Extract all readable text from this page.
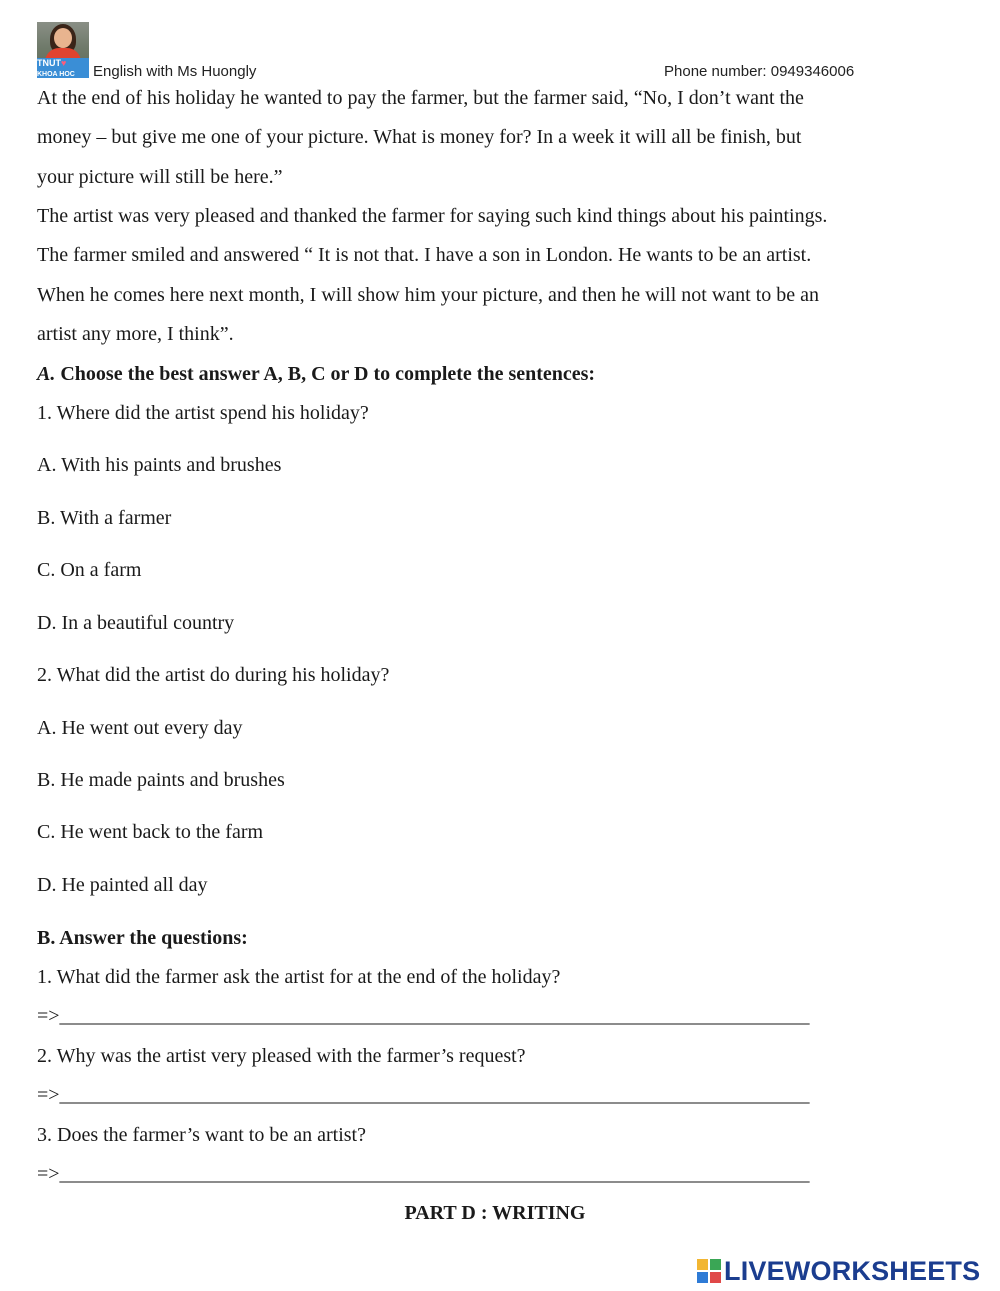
TNUT♥
KHOA HOC	English with Ms Huongly	Phone number: 0949346006
At the end of his holiday he wanted to pay the farmer, but the farmer said, “No, I don’t want the
money – but give me one of your picture. What is money for? In a week it will all be finish, but
your picture will still be here.”
The artist was very pleased and thanked the farmer for saying such kind things about his paintings.
The farmer smiled and answered “ It is not that. I have a son in London. He wants to be an artist.
When he comes here next month, I will show him your picture, and then he will not want to be an
artist any more, I think”.
A. Choose the best answer A, B, C or D to complete the sentences:
1. Where did the artist spend his holiday?
A. With his paints and brushes
B. With a farmer
C. On a farm
D. In a beautiful country
2. What did the artist do during his holiday?
A. He went out every day
B. He made paints and brushes
C. He went back to the farm
D. He painted all day
B. Answer the questions:
1. What did the farmer ask the artist for at the end of the holiday?
=>___________________________________________________________________________
2. Why was the artist very pleased with the farmer’s request?
=>___________________________________________________________________________
3. Does the farmer’s want to be an artist?
=>___________________________________________________________________________
PART D : WRITING
LIVEWORKSHEETS
